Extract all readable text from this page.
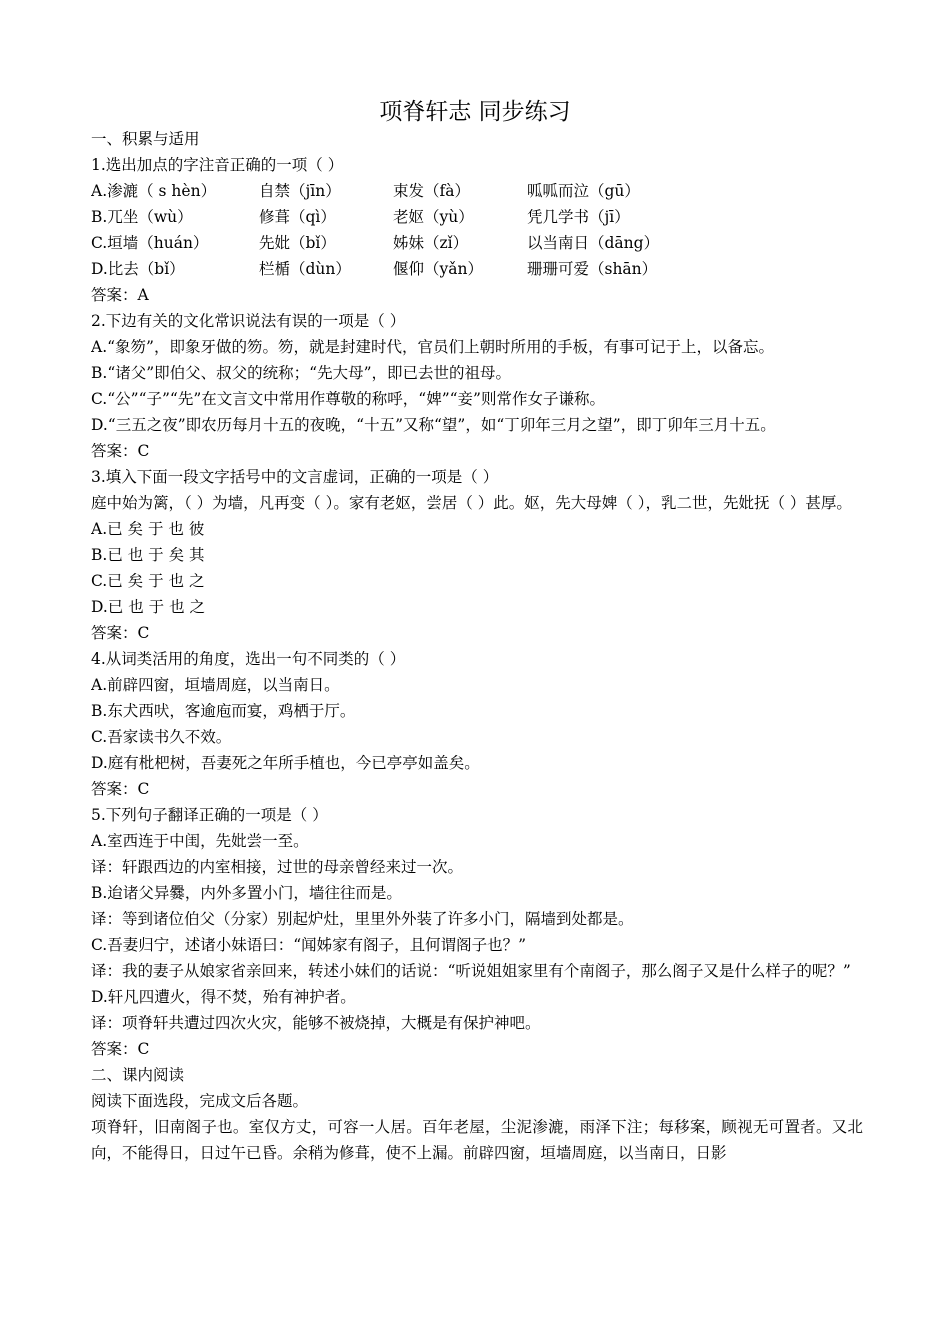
项脊轩志 同步练习
一、积累与适用
1.选出加点的字注音正确的一项（ ）
A.渗漉（ s hèn）	自禁（jīn）	束发（fà）	呱呱而泣（gū）
B.兀坐（wù）	修葺（qì）	老妪（yù）	凭几学书（jī）
C.垣墙（huán）	先妣（bǐ）	姊妹（zǐ）	以当南日（dāng）
D.比去（bǐ）	栏楯（dùn）	偃仰（yǎn）	珊珊可爱（shān）
答案：A
2.下边有关的文化常识说法有误的一项是（ ）
A.“象笏”，即象牙做的笏。笏，就是封建时代，官员们上朝时所用的手板，有事可记于上，以备忘。
B.“诸父”即伯父、叔父的统称；“先大母”，即已去世的祖母。
C.“公”“子”“先”在文言文中常用作尊敬的称呼，“婢”“妾”则常作女子谦称。
D.“三五之夜”即农历每月十五的夜晚，“十五”又称“望”，如“丁卯年三月之望”，即丁卯年三月十五。
答案：C
3.填入下面一段文字括号中的文言虚词，正确的一项是（ ）
庭中始为篱，（ ）为墙，凡再变（ ）。家有老妪，尝居（ ）此。妪，先大母婢（ ），乳二世，先妣抚（ ）甚厚。
A.已 矣 于 也 彼
B.已 也 于 矣 其
C.已 矣 于 也 之
D.已 也 于 也 之
答案：C
4.从词类活用的角度，选出一句不同类的（ ）
A.前辟四窗，垣墙周庭，以当南日。
B.东犬西吠，客逾庖而宴，鸡栖于厅。
C.吾家读书久不效。
D.庭有枇杷树，吾妻死之年所手植也，今已亭亭如盖矣。
答案：C
5.下列句子翻译正确的一项是（ ）
A.室西连于中闺，先妣尝一至。
译：轩跟西边的内室相接，过世的母亲曾经来过一次。
B.迨诸父异爨，内外多置小门，墙往往而是。
译：等到诸位伯父（分家）别起炉灶，里里外外装了许多小门，隔墙到处都是。
C.吾妻归宁，述诸小妹语曰：“闻姊家有阁子，且何谓阁子也？”
译：我的妻子从娘家省亲回来，转述小妹们的话说：“听说姐姐家里有个南阁子，那么阁子又是什么样子的呢？”
D.轩凡四遭火，得不焚，殆有神护者。
译：项脊轩共遭过四次火灾，能够不被烧掉，大概是有保护神吧。
答案：C
二、课内阅读
阅读下面选段，完成文后各题。
项脊轩，旧南阁子也。室仅方丈，可容一人居。百年老屋，尘泥渗漉，雨泽下注；每移案，顾视无可置者。又北向，不能得日，日过午已昏。余稍为修葺，使不上漏。前辟四窗，垣墙周庭，以当南日，日影
